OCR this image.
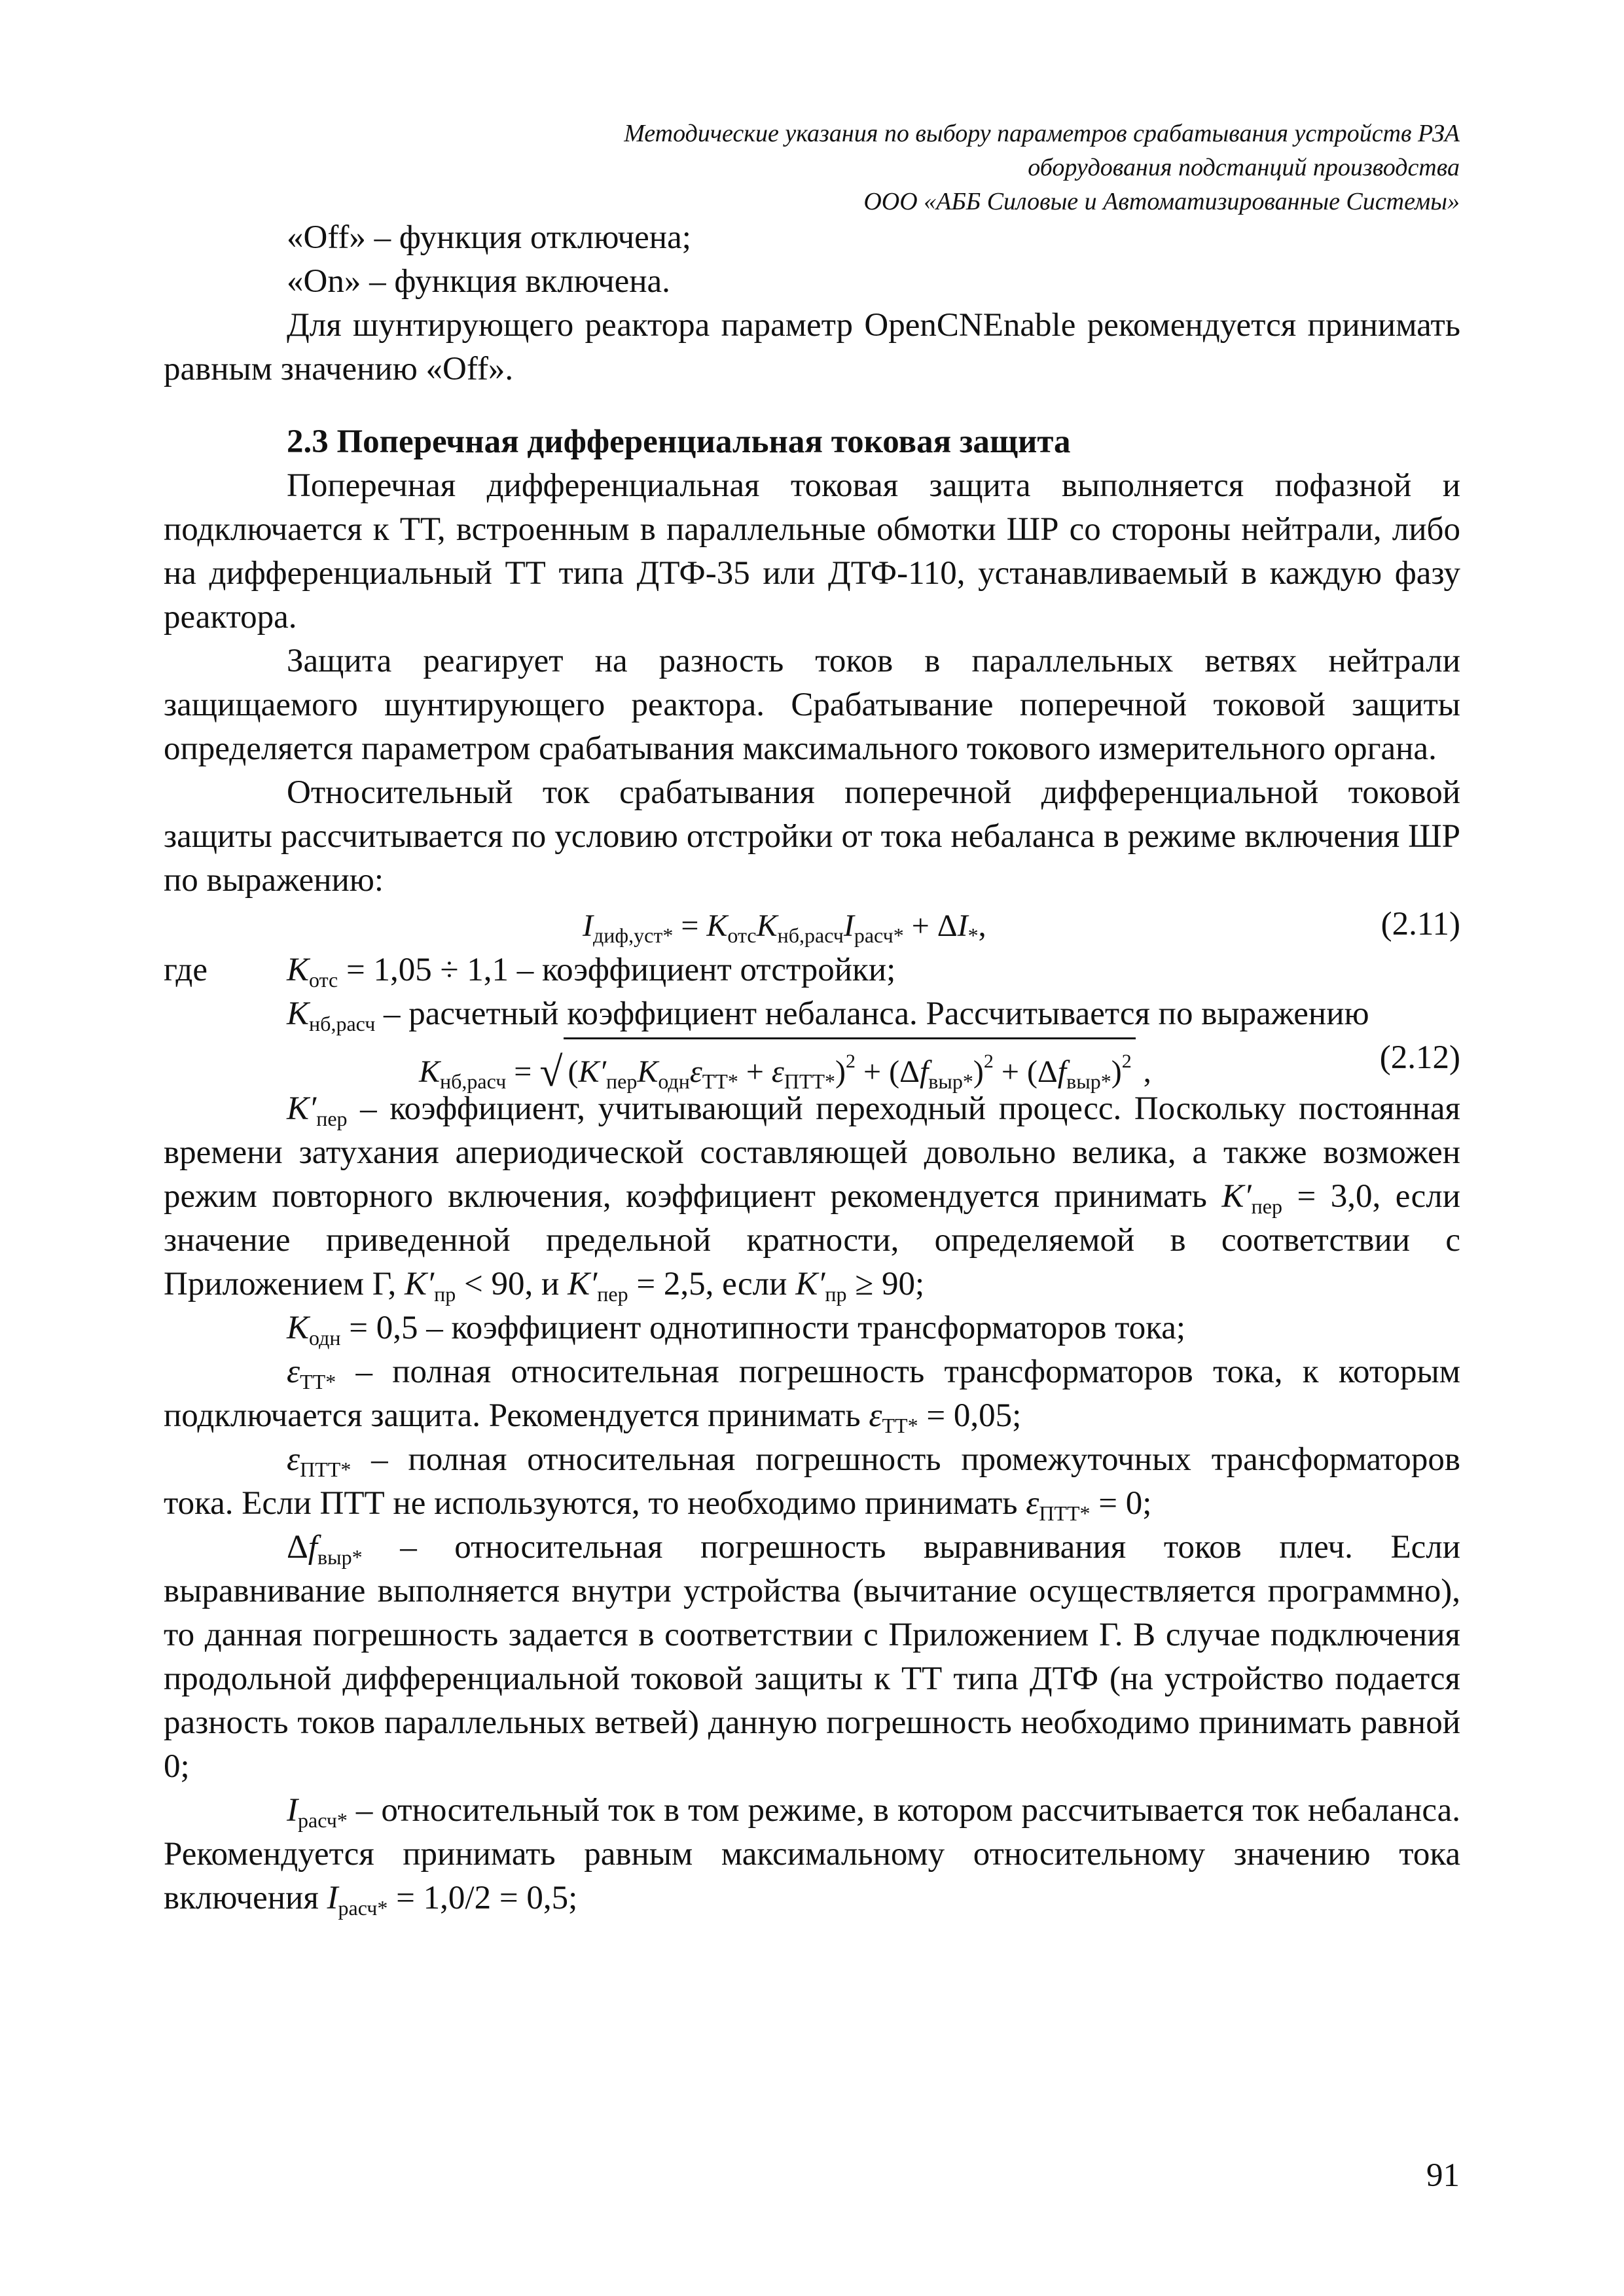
Методические указания по выбору параметров срабатывания устройств РЗА
оборудования подстанций производства
ООО «АББ Силовые и Автоматизированные Системы»

«Off» – функция отключена;

«On» – функция включена.

Для шунтирующего реактора параметр OpenCNEnable рекомендуется принимать равным значению «Off».

2.3 Поперечная дифференциальная токовая защита

Поперечная дифференциальная токовая защита выполняется пофазной и подключается к ТТ, встроенным в параллельные обмотки ШР со стороны нейтрали, либо на дифференциальный ТТ типа ДТФ-35 или ДТФ-110, устанавливаемый в каждую фазу реактора.

Защита реагирует на разность токов в параллельных ветвях нейтрали защищаемого шунтирующего реактора. Срабатывание поперечной токовой защиты определяется параметром срабатывания максимального токового измерительного органа.

Относительный ток срабатывания поперечной дифференциальной токовой защиты рассчитывается по условию отстройки от тока небаланса в режиме включения ШР по выражению:

$I_{диф,уст*} = K_{отс}K_{нб,расч}I_{расч*} + \Delta I_*$,	(2.11)
где $K_{отс} = 1,05 \div 1,1$ – коэффициент отстройки;

$K_{нб,расч}$ – расчетный коэффициент небаланса. Рассчитывается по выражению

$K_{нб,расч}$ = √ $(K'_{пер}K_{одн}\varepsilon_{ТТ*} + \varepsilon_{ПТТ*})^2 + (\Delta f_{выр*})^2 + (\Delta f_{выр*})^2$ ,	(2.12)

$K'_{пер}$ – коэффициент, учитывающий переходный процесс. Поскольку постоянная времени затухания апериодической составляющей довольно велика, а также возможен режим повторного включения, коэффициент рекомендуется принимать $K'_{пер} = 3,0$, если значение приведенной предельной кратности, определяемой в соответствии с Приложением Г, $K'_{пр} < 90$, и $K'_{пер} = 2,5$, если $K'_{пр} \ge 90$;

$K_{одн} = 0,5$ – коэффициент однотипности трансформаторов тока;

$\varepsilon_{ТТ*}$ – полная относительная погрешность трансформаторов тока, к которым подключается защита. Рекомендуется принимать $\varepsilon_{ТТ*} = 0,05$;

$\varepsilon_{ПТТ*}$ – полная относительная погрешность промежуточных трансформаторов тока. Если ПТТ не используются, то необходимо принимать $\varepsilon_{ПТТ*} = 0$;

$\Delta f_{выр*}$ – относительная погрешность выравнивания токов плеч. Если выравнивание выполняется внутри устройства (вычитание осуществляется программно), то данная погрешность задается в соответствии с Приложением Г. В случае подключения продольной дифференциальной токовой защиты к ТТ типа ДТФ (на устройство подается разность токов параллельных ветвей) данную погрешность необходимо принимать равной 0;

$I_{расч*}$ – относительный ток в том режиме, в котором рассчитывается ток небаланса. Рекомендуется принимать равным максимальному относительному значению тока включения $I_{расч*} = 1,0/2 = 0,5$;

91
